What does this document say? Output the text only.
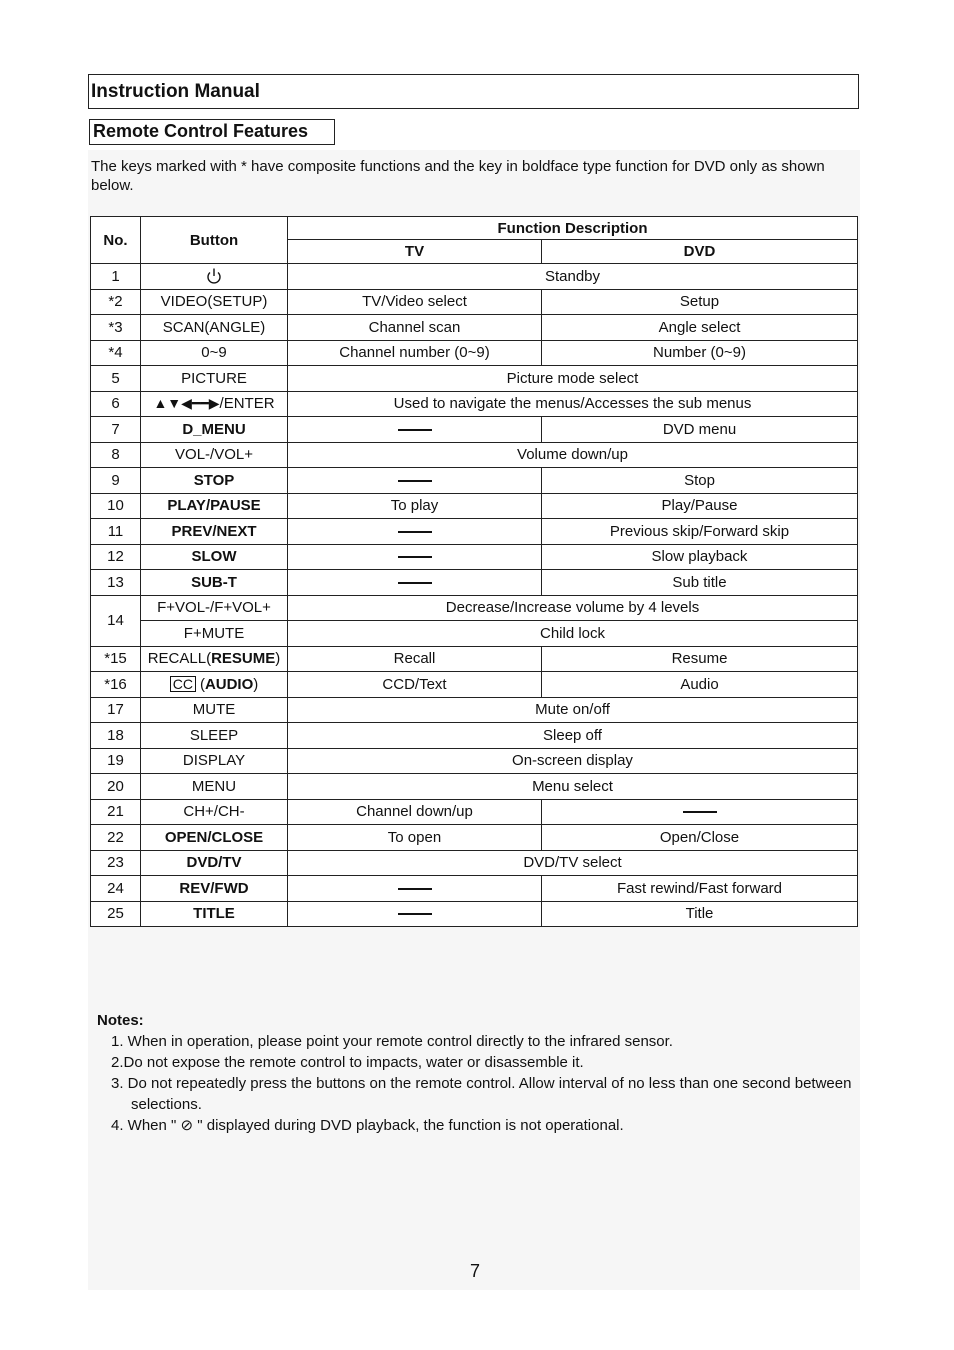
Instruction Manual
Remote Control Features
The keys marked with * have composite functions and the key in boldface type function for DVD only as shown below.
No.	Button	Function Description	
		TV	DVD
1		Standby	
*2	VIDEO(SETUP)	TV/Video select	Setup
*3	SCAN(ANGLE)	Channel scan	Angle select
*4	0~9	Channel number (0~9)	Number (0~9)
5	PICTURE	Picture mode select	
6	▲▼◀━━▶/ENTER	Used to navigate the menus/Accesses the sub menus	
7	D_MENU		DVD menu
8	VOL-/VOL+	Volume down/up	
9	STOP		Stop
10	PLAY/PAUSE	To play	Play/Pause
11	PREV/NEXT		Previous skip/Forward skip
12	SLOW		Slow playback
13	SUB-T		Sub title
14	F+VOL-/F+VOL+	Decrease/Increase volume by 4 levels	
	F+MUTE	Child lock	
*15	RECALL(RESUME)	Recall	Resume
*16	CC (AUDIO)	CCD/Text	Audio
17	MUTE	Mute on/off	
18	SLEEP	Sleep off	
19	DISPLAY	On-screen display	
20	MENU	Menu select	
21	CH+/CH-	Channel down/up	
22	OPEN/CLOSE	To open	Open/Close
23	DVD/TV	DVD/TV select	
24	REV/FWD		Fast rewind/Fast forward
25	TITLE		Title
Notes:
1. When in operation, please point your remote control directly to the infrared sensor.
2.Do not expose the remote control to impacts, water or disassemble it.
3. Do not repeatedly press the buttons on the remote control. Allow interval of no less than one second between selections.
4. When " ⊘ " displayed during DVD playback, the function is not operational.
7
